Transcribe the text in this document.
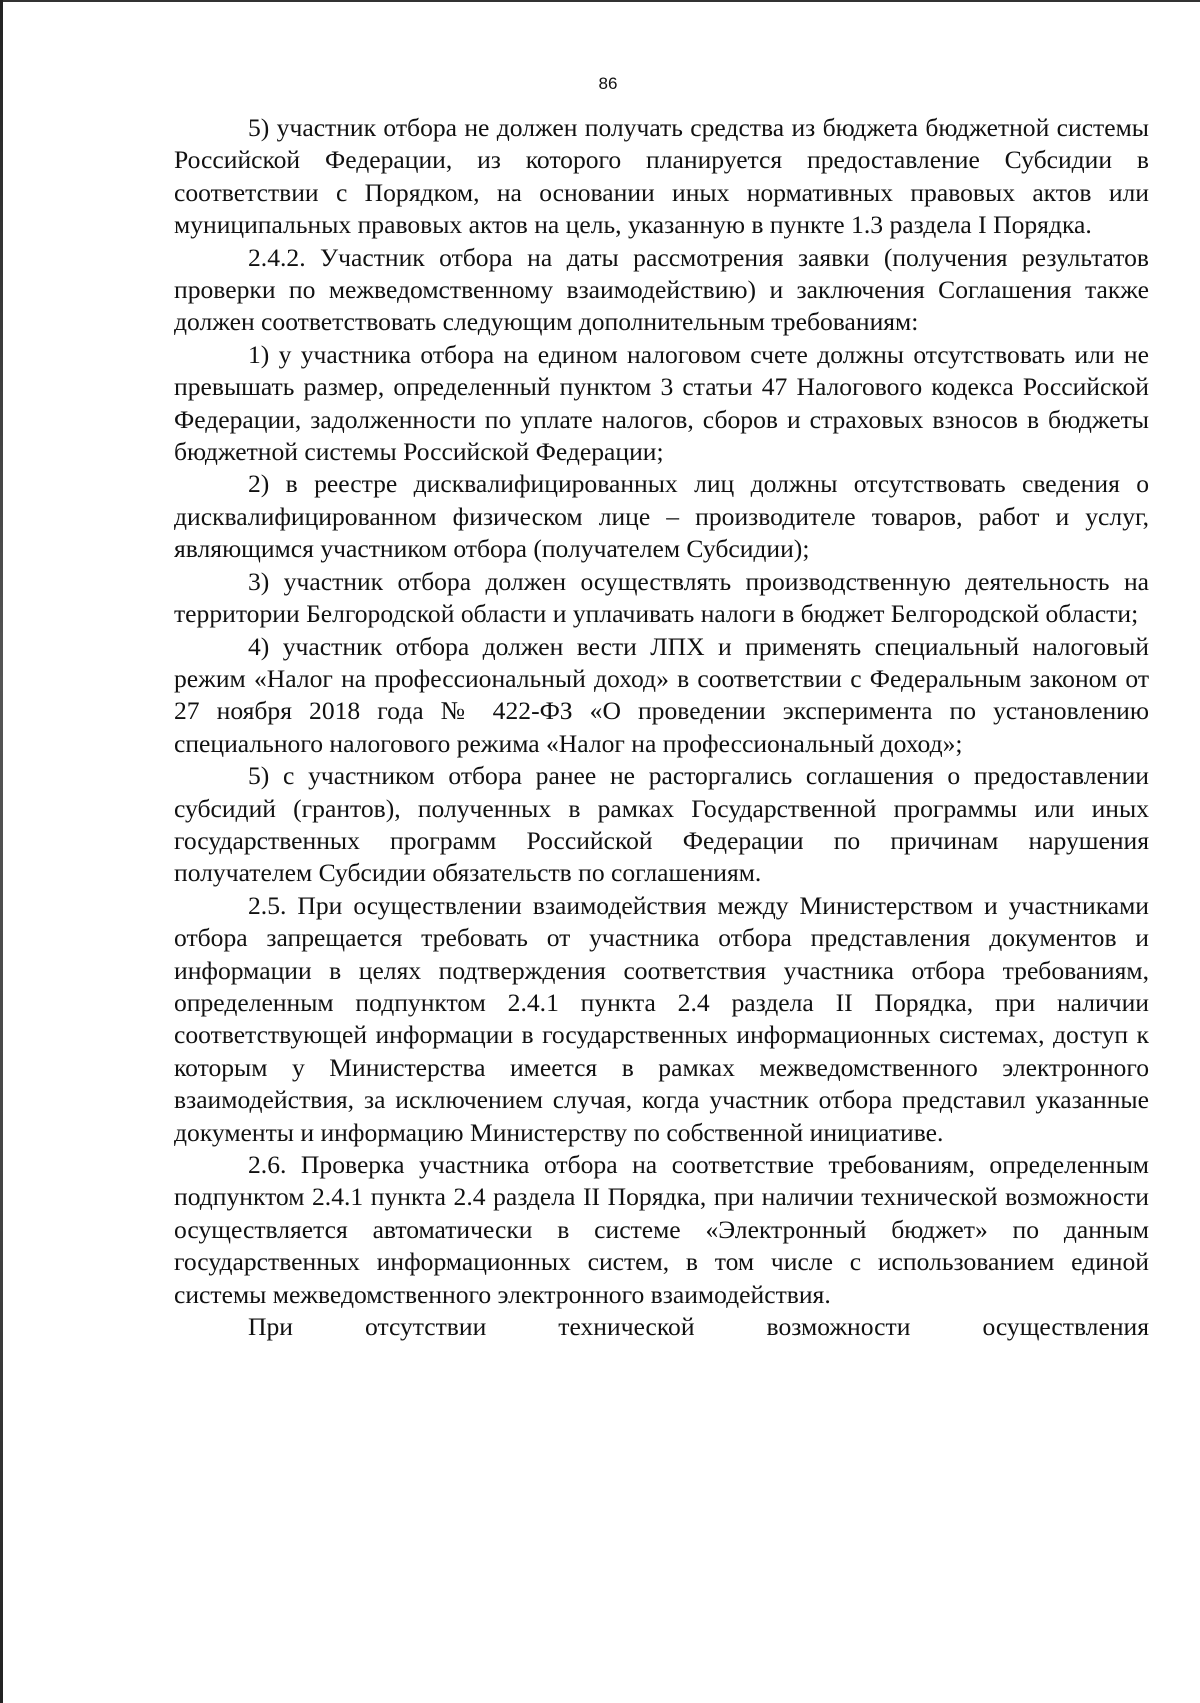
86

5) участник отбора не должен получать средства из бюджета бюджетной системы Российской Федерации, из которого планируется предоставление Субсидии в соответствии с Порядком, на основании иных нормативных правовых актов или муниципальных правовых актов на цель, указанную в пункте 1.3 раздела I Порядка.

2.4.2. Участник отбора на даты рассмотрения заявки (получения результатов проверки по межведомственному взаимодействию) и заключения Соглашения также должен соответствовать следующим дополнительным требованиям:

1) у участника отбора на едином налоговом счете должны отсутствовать или не превышать размер, определенный пунктом 3 статьи 47 Налогового кодекса Российской Федерации, задолженности по уплате налогов, сборов и страховых взносов в бюджеты бюджетной системы Российской Федерации;

2) в реестре дисквалифицированных лиц должны отсутствовать сведения о дисквалифицированном физическом лице – производителе товаров, работ и услуг, являющимся участником отбора (получателем Субсидии);

3) участник отбора должен осуществлять производственную деятельность на территории Белгородской области и уплачивать налоги в бюджет Белгородской области;

4) участник отбора должен вести ЛПХ и применять специальный налоговый режим «Налог на профессиональный доход» в соответствии с Федеральным законом от 27 ноября 2018 года № 422-ФЗ «О проведении эксперимента по установлению специального налогового режима «Налог на профессиональный доход»;

5) с участником отбора ранее не расторгались соглашения о предоставлении субсидий (грантов), полученных в рамках Государственной программы или иных государственных программ Российской Федерации по причинам нарушения получателем Субсидии обязательств по соглашениям.

2.5. При осуществлении взаимодействия между Министерством и участниками отбора запрещается требовать от участника отбора представления документов и информации в целях подтверждения соответствия участника отбора требованиям, определенным подпунктом 2.4.1 пункта 2.4 раздела II Порядка, при наличии соответствующей информации в государственных информационных системах, доступ к которым у Министерства имеется в рамках межведомственного электронного взаимодействия, за исключением случая, когда участник отбора представил указанные документы и информацию Министерству по собственной инициативе.

2.6. Проверка участника отбора на соответствие требованиям, определенным подпунктом 2.4.1 пункта 2.4 раздела II Порядка, при наличии технической возможности осуществляется автоматически в системе «Электронный бюджет» по данным государственных информационных систем, в том числе с использованием единой системы межведомственного электронного взаимодействия.

При отсутствии технической возможности осуществления
